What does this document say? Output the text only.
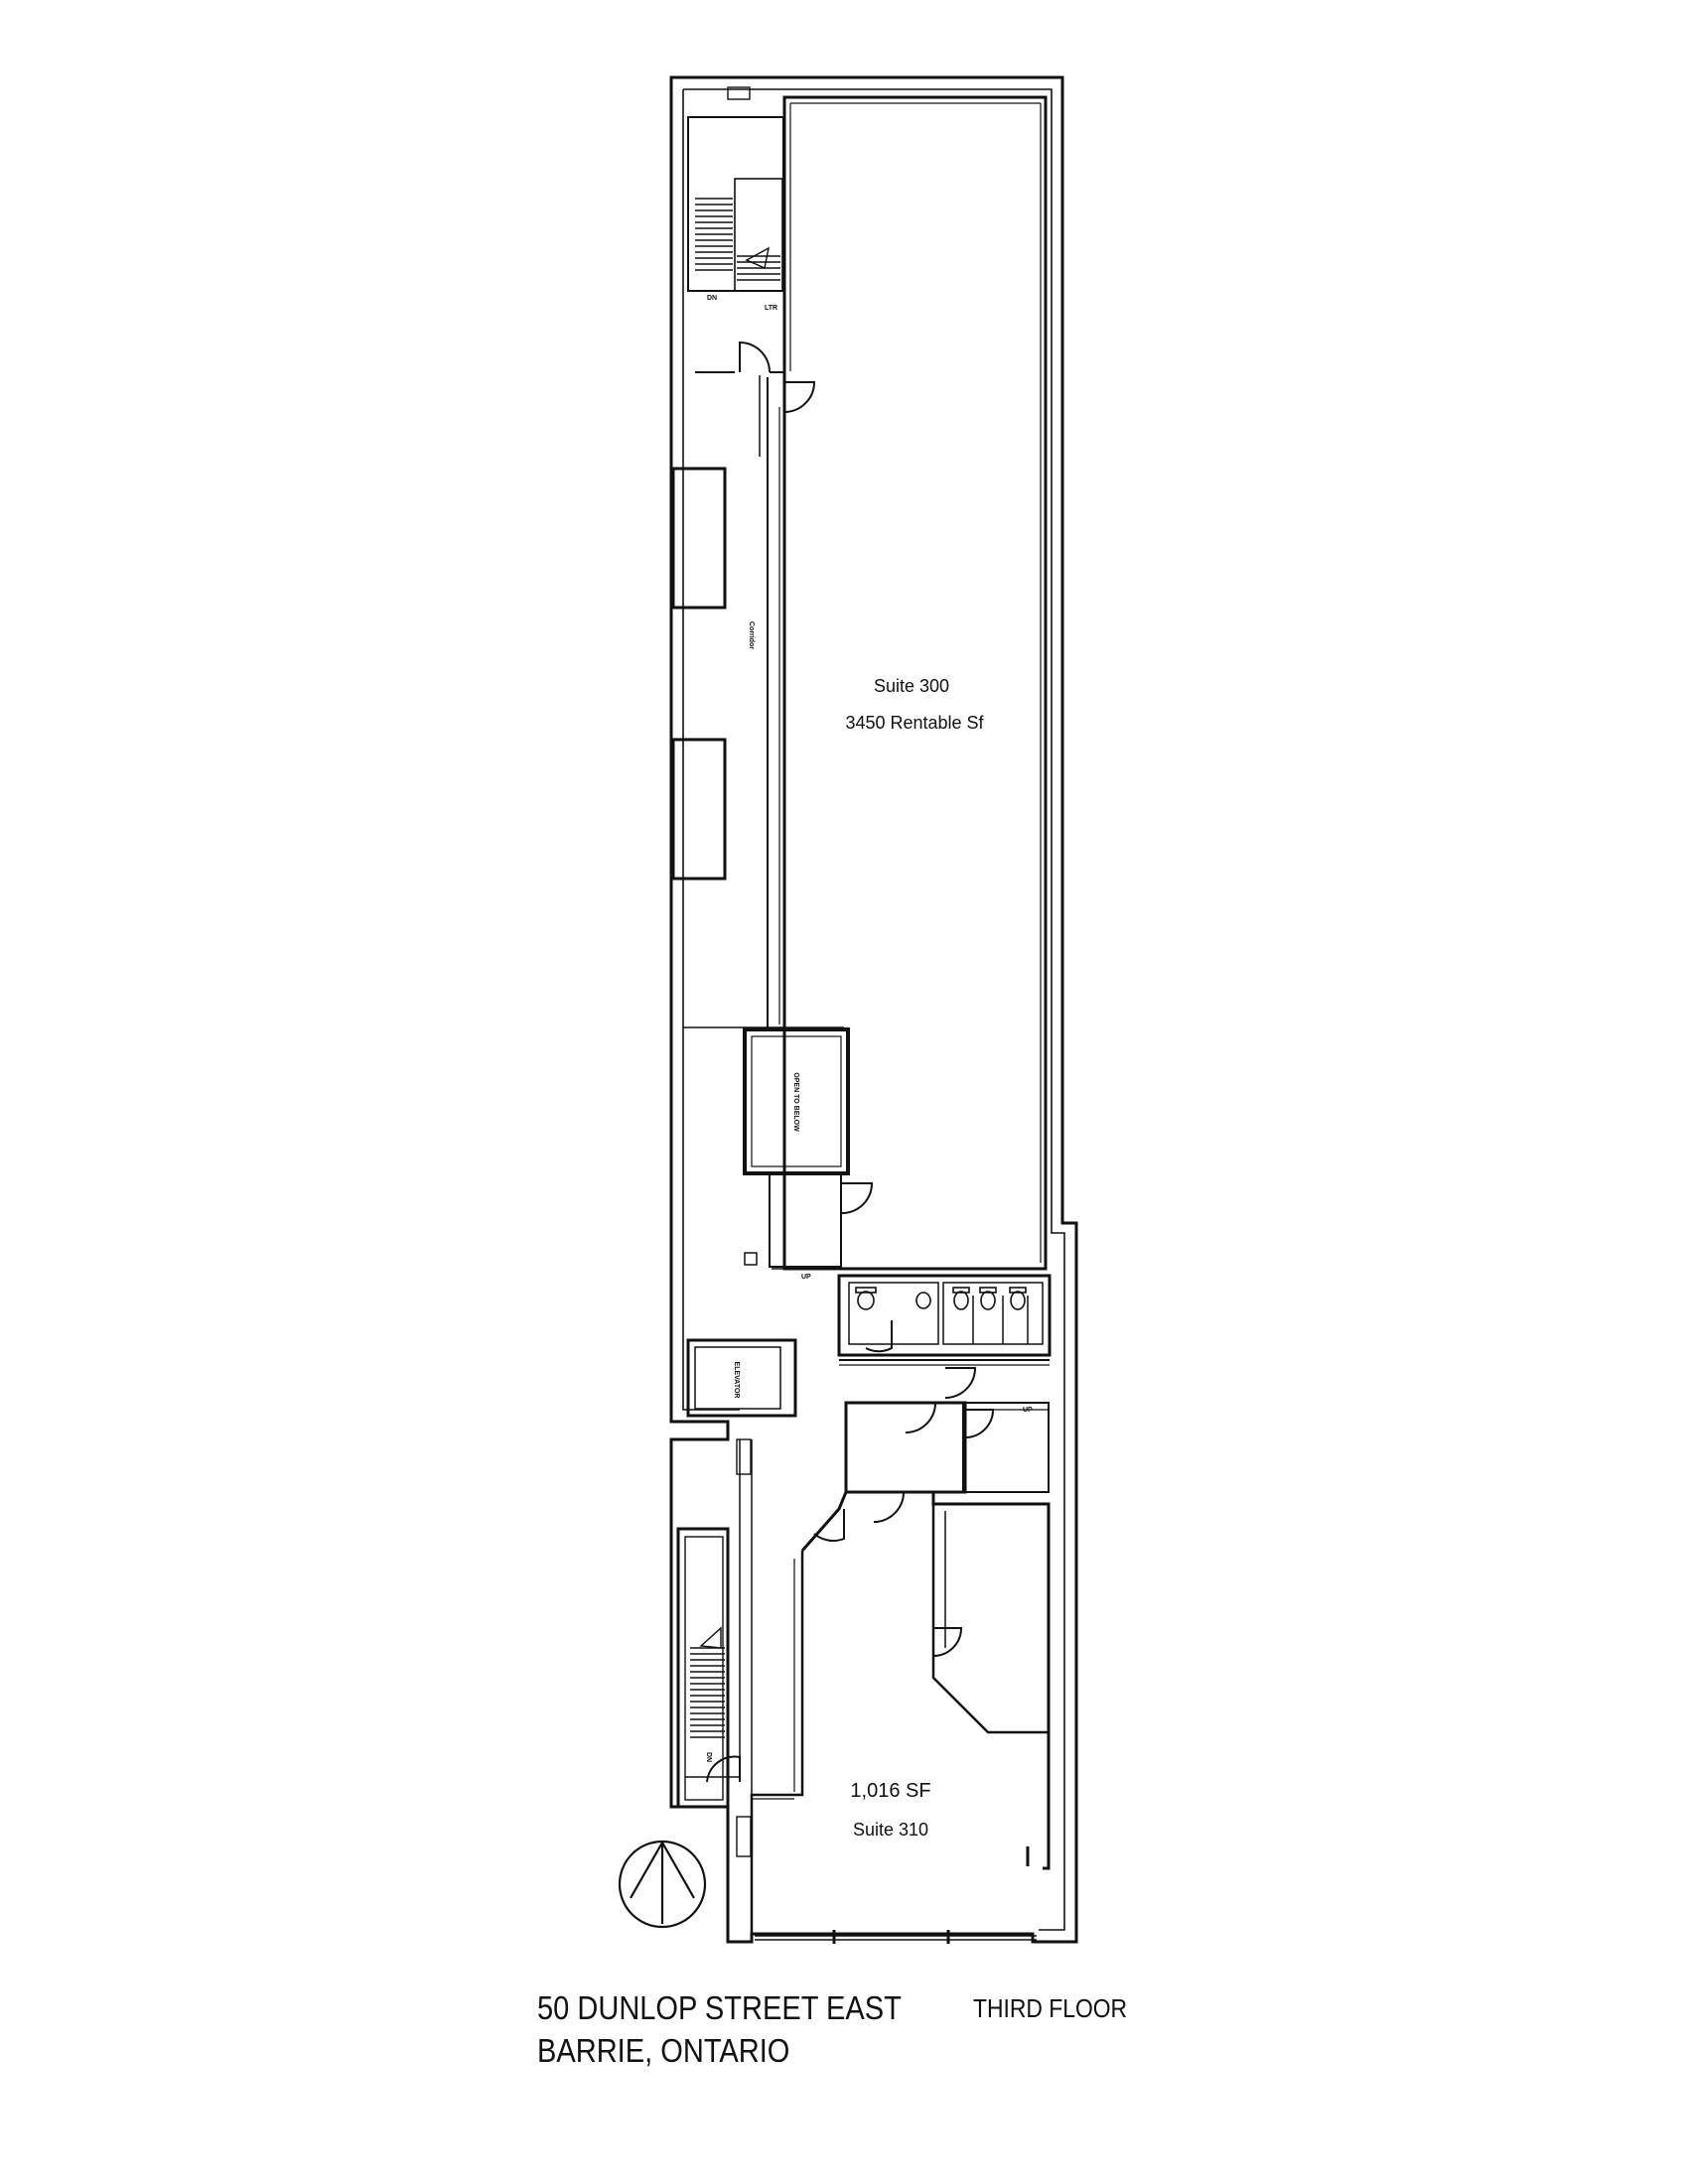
Suite 300
3450 Rentable Sf
1,016 SF
Suite 310
Corridor
OPEN TO BELOW
ELEVATOR
DN
LTR
UP
UP
DN
50 DUNLOP STREET EAST
BARRIE, ONTARIO
THIRD FLOOR
